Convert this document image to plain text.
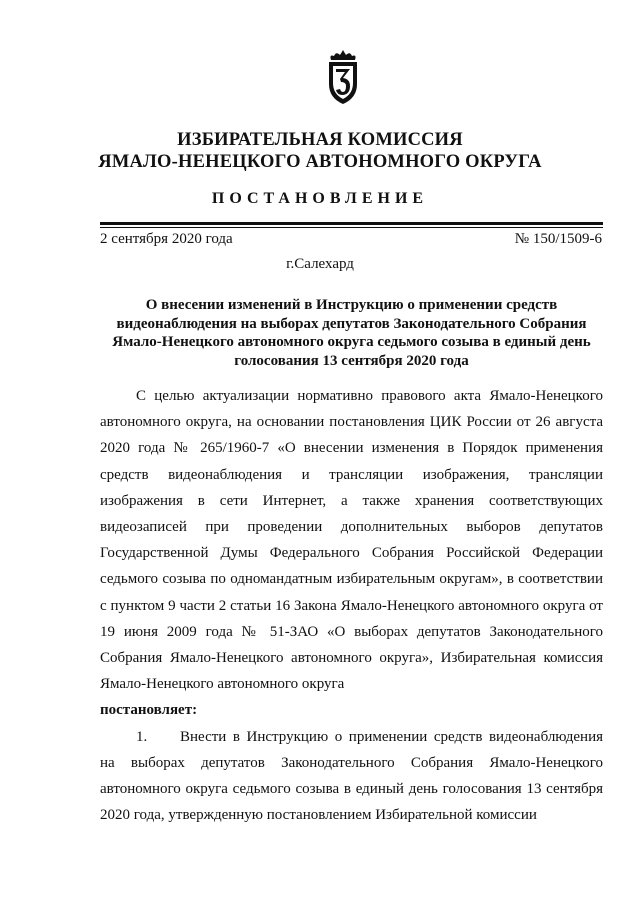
ИЗБИРАТЕЛЬНАЯ КОМИССИЯ
ЯМАЛО-НЕНЕЦКОГО АВТОНОМНОГО ОКРУГА
ПОСТАНОВЛЕНИЕ
2 сентября 2020 года	№ 150/1509-6
г.Салехард
О внесении изменений в Инструкцию о применении средств видеонаблюдения на выборах депутатов Законодательного Собрания Ямало-Ненецкого автономного округа седьмого созыва в единый день голосования 13 сентября 2020 года

С целью актуализации нормативно правового акта Ямало-Ненецкого автономного округа, на основании постановления ЦИК России от 26 августа 2020 года № 265/1960-7 «О внесении изменения в Порядок применения средств видеонаблюдения и трансляции изображения, трансляции изображения в сети Интернет, а также хранения соответствующих видеозаписей при проведении дополнительных выборов депутатов Государственной Думы Федерального Собрания Российской Федерации седьмого созыва по одномандатным избирательным округам», в соответствии с пунктом 9 части 2 статьи 16 Закона Ямало-Ненецкого автономного округа от 19 июня 2009 года № 51-ЗАО «О выборах депутатов Законодательного Собрания Ямало-Ненецкого автономного округа», Избирательная комиссия Ямало-Ненецкого автономного округа

постановляет:

1. Внести в Инструкцию о применении средств видеонаблюдения на выборах депутатов Законодательного Собрания Ямало-Ненецкого автономного округа седьмого созыва в единый день голосования 13 сентября 2020 года, утвержденную постановлением Избирательной комиссии
